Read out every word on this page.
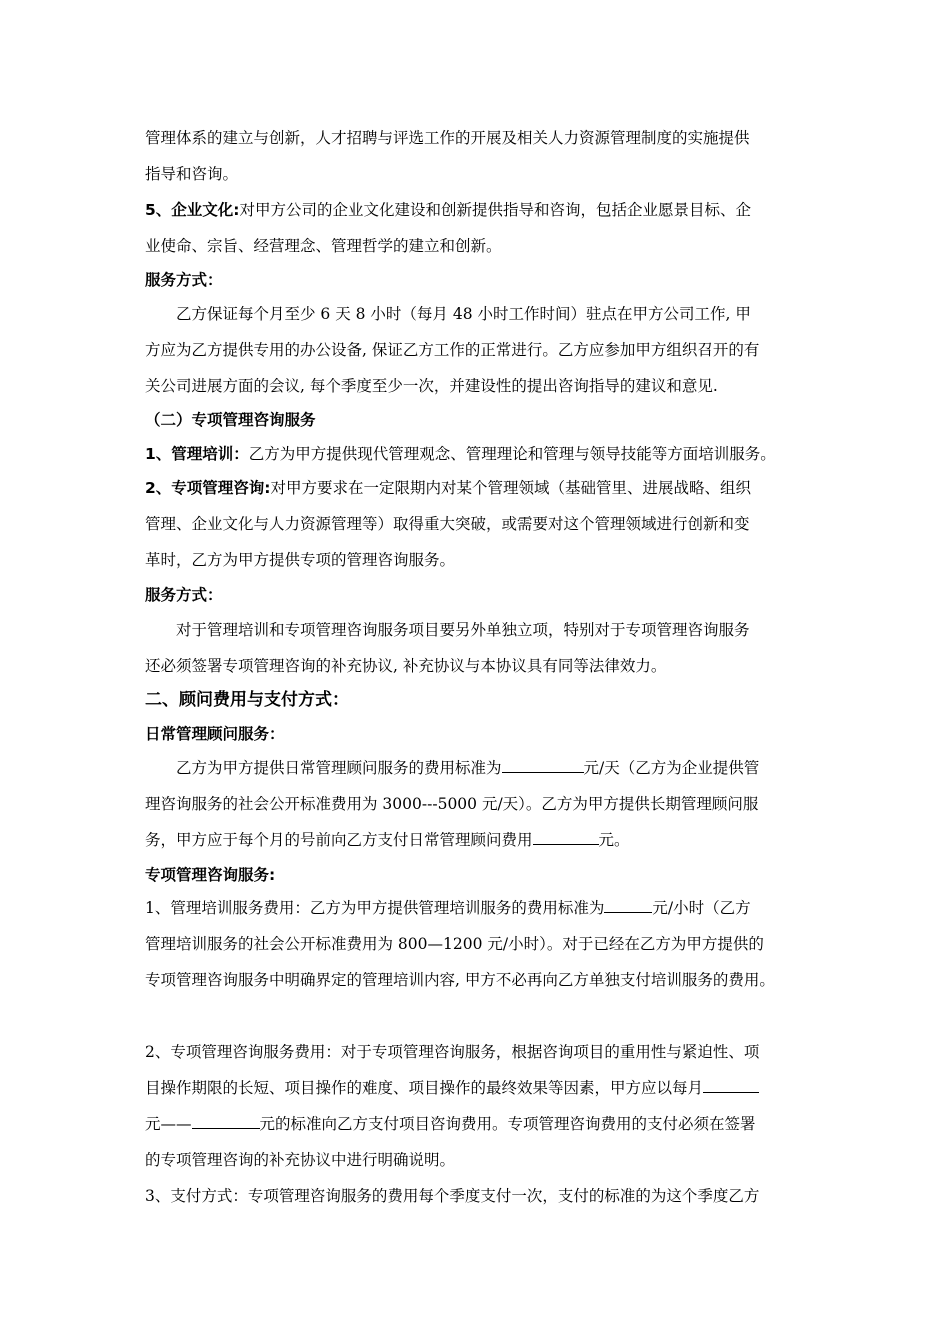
管理体系的建立与创新，人才招聘与评选工作的开展及相关人力资源管理制度的实施提供

指导和咨询。

5、企业文化:对甲方公司的企业文化建设和创新提供指导和咨询，包括企业愿景目标、企

业使命、宗旨、经营理念、管理哲学的建立和创新。

服务方式：

乙方保证每个月至少 6 天 8 小时（每月 48 小时工作时间）驻点在甲方公司工作, 甲

方应为乙方提供专用的办公设备, 保证乙方工作的正常进行。乙方应参加甲方组织召开的有

关公司进展方面的会议, 每个季度至少一次，并建设性的提出咨询指导的建议和意见.

（二）专项管理咨询服务

1、管理培训：乙方为甲方提供现代管理观念、管理理论和管理与领导技能等方面培训服务。

2、专项管理咨询:对甲方要求在一定限期内对某个管理领域（基础管里、进展战略、组织

管理、企业文化与人力资源管理等）取得重大突破，或需要对这个管理领域进行创新和变

革时，乙方为甲方提供专项的管理咨询服务。

服务方式：

对于管理培训和专项管理咨询服务项目要另外单独立项，特别对于专项管理咨询服务

还必须签署专项管理咨询的补充协议, 补充协议与本协议具有同等法律效力。

二、顾问费用与支付方式：

日常管理顾问服务：

乙方为甲方提供日常管理顾问服务的费用标准为	元/天（乙方为企业提供管

理咨询服务的社会公开标准费用为 3000---5000 元/天）。乙方为甲方提供长期管理顾问服

务，甲方应于每个月的号前向乙方支付日常管理顾问费用	元。

专项管理咨询服务:

1、管理培训服务费用：乙方为甲方提供管理培训服务的费用标准为	元/小时（乙方

管理培训服务的社会公开标准费用为 800—1200 元/小时）。对于已经在乙方为甲方提供的

专项管理咨询服务中明确界定的管理培训内容, 甲方不必再向乙方单独支付培训服务的费用。

2、专项管理咨询服务费用：对于专项管理咨询服务，根据咨询项目的重用性与紧迫性、项

目操作期限的长短、项目操作的难度、项目操作的最终效果等因素，甲方应以每月

元——	元的标准向乙方支付项目咨询费用。专项管理咨询费用的支付必须在签署

的专项管理咨询的补充协议中进行明确说明。

3、支付方式：专项管理咨询服务的费用每个季度支付一次，支付的标准的为这个季度乙方
